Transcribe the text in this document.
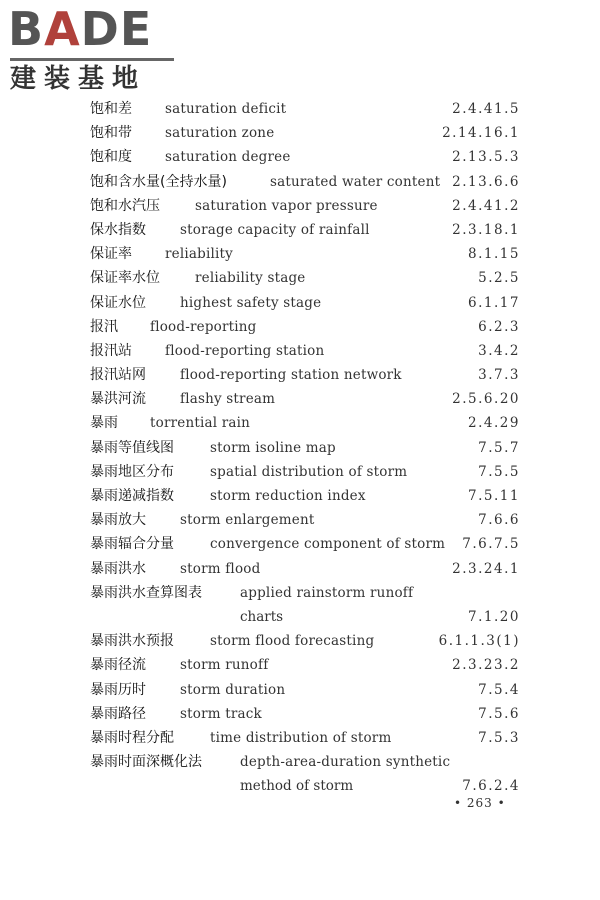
BADE
建装基地
饱和差 saturation deficit	2.4.41.5
饱和带 saturation zone	2.14.16.1
饱和度 saturation degree	2.13.5.3
饱和含水量(全持水量)	saturated water content 2.13.6.6
饱和水汽压	saturation vapor pressure	2.4.41.2
保水指数	storage capacity of rainfall	2.3.18.1
保证率 reliability	8.1.15
保证率水位	reliability stage	5.2.5
保证水位	highest safety stage	6.1.17
报汛 flood-reporting	6.2.3
报汛站 flood-reporting station	3.4.2
报汛站网	flood-reporting station network	3.7.3
暴洪河流	flashy stream	2.5.6.20
暴雨 torrential rain	2.4.29
暴雨等值线图	storm isoline map	7.5.7
暴雨地区分布	spatial distribution of storm	7.5.5
暴雨递减指数	storm reduction index	7.5.11
暴雨放大	storm enlargement	7.6.6
暴雨辐合分量	convergence component of storm 7.6.7.5
暴雨洪水	storm flood	2.3.24.1
暴雨洪水查算图表	applied rainstorm runoff
charts	7.1.20
暴雨洪水预报	storm flood forecasting	6.1.1.3(1)
暴雨径流	storm runoff	2.3.23.2
暴雨历时	storm duration	7.5.4
暴雨路径	storm track	7.5.6
暴雨时程分配	time distribution of storm	7.5.3
暴雨时面深概化法	depth-area-duration synthetic
method of storm	7.6.2.4
• 263 •
